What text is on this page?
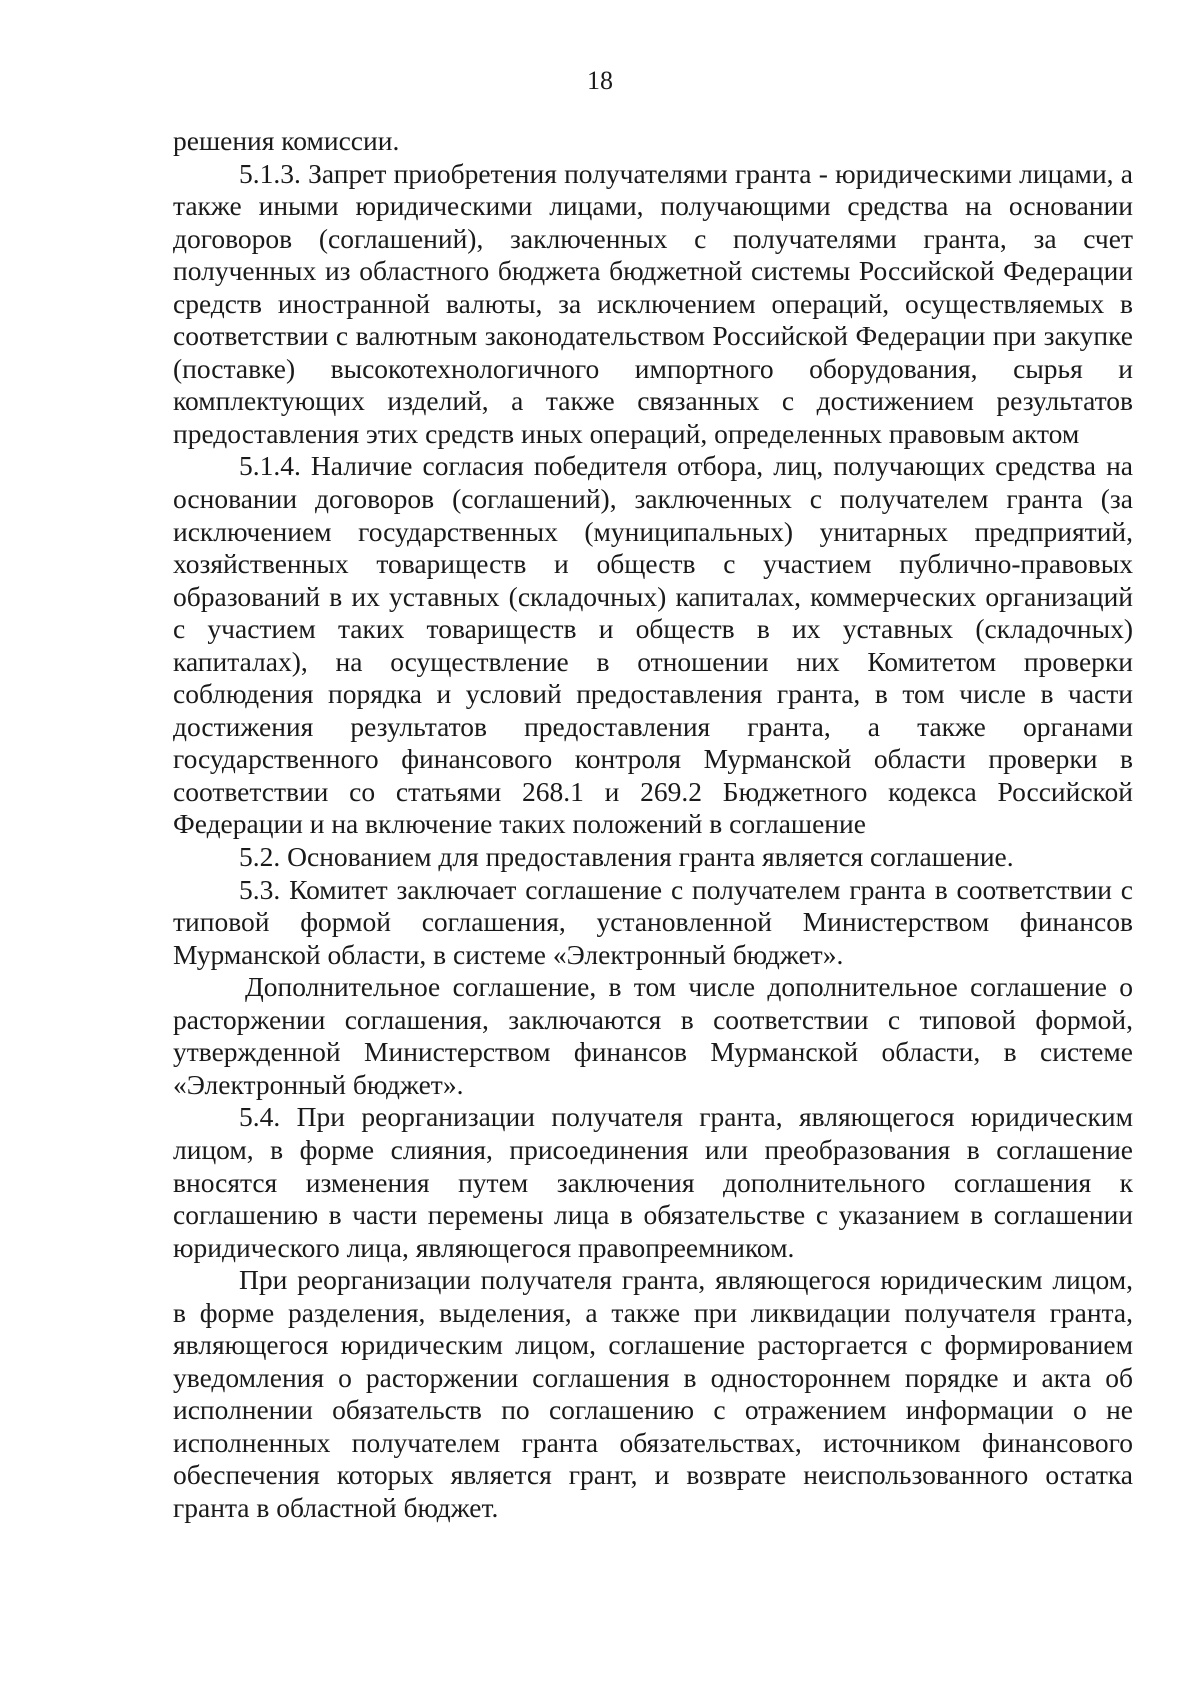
18

решения комиссии.

5.1.3. Запрет приобретения получателями гранта - юридическими лицами, а также иными юридическими лицами, получающими средства на основании договоров (соглашений), заключенных с получателями гранта, за счет полученных из областного бюджета бюджетной системы Российской Федерации средств иностранной валюты, за исключением операций, осуществляемых в соответствии с валютным законодательством Российской Федерации при закупке (поставке) высокотехнологичного импортного оборудования, сырья и комплектующих изделий, а также связанных с достижением результатов предоставления этих средств иных операций, определенных правовым актом

5.1.4. Наличие согласия победителя отбора, лиц, получающих средства на основании договоров (соглашений), заключенных с получателем гранта (за исключением государственных (муниципальных) унитарных предприятий, хозяйственных товариществ и обществ с участием публично-правовых образований в их уставных (складочных) капиталах, коммерческих организаций с участием таких товариществ и обществ в их уставных (складочных) капиталах), на осуществление в отношении них Комитетом проверки соблюдения порядка и условий предоставления гранта, в том числе в части достижения результатов предоставления гранта, а также органами государственного финансового контроля Мурманской области проверки в соответствии со статьями 268.1 и 269.2 Бюджетного кодекса Российской Федерации и на включение таких положений в соглашение

5.2. Основанием для предоставления гранта является соглашение.

5.3. Комитет заключает соглашение с получателем гранта в соответствии с типовой формой соглашения, установленной Министерством финансов Мурманской области, в системе «Электронный бюджет».

Дополнительное соглашение, в том числе дополнительное соглашение о расторжении соглашения, заключаются в соответствии с типовой формой, утвержденной Министерством финансов Мурманской области, в системе «Электронный бюджет».

5.4. При реорганизации получателя гранта, являющегося юридическим лицом, в форме слияния, присоединения или преобразования в соглашение вносятся изменения путем заключения дополнительного соглашения к соглашению в части перемены лица в обязательстве с указанием в соглашении юридического лица, являющегося правопреемником.

При реорганизации получателя гранта, являющегося юридическим лицом, в форме разделения, выделения, а также при ликвидации получателя гранта, являющегося юридическим лицом, соглашение расторгается с формированием уведомления о расторжении соглашения в одностороннем порядке и акта об исполнении обязательств по соглашению с отражением информации о не исполненных получателем гранта обязательствах, источником финансового обеспечения которых является грант, и возврате неиспользованного остатка гранта в областной бюджет.
